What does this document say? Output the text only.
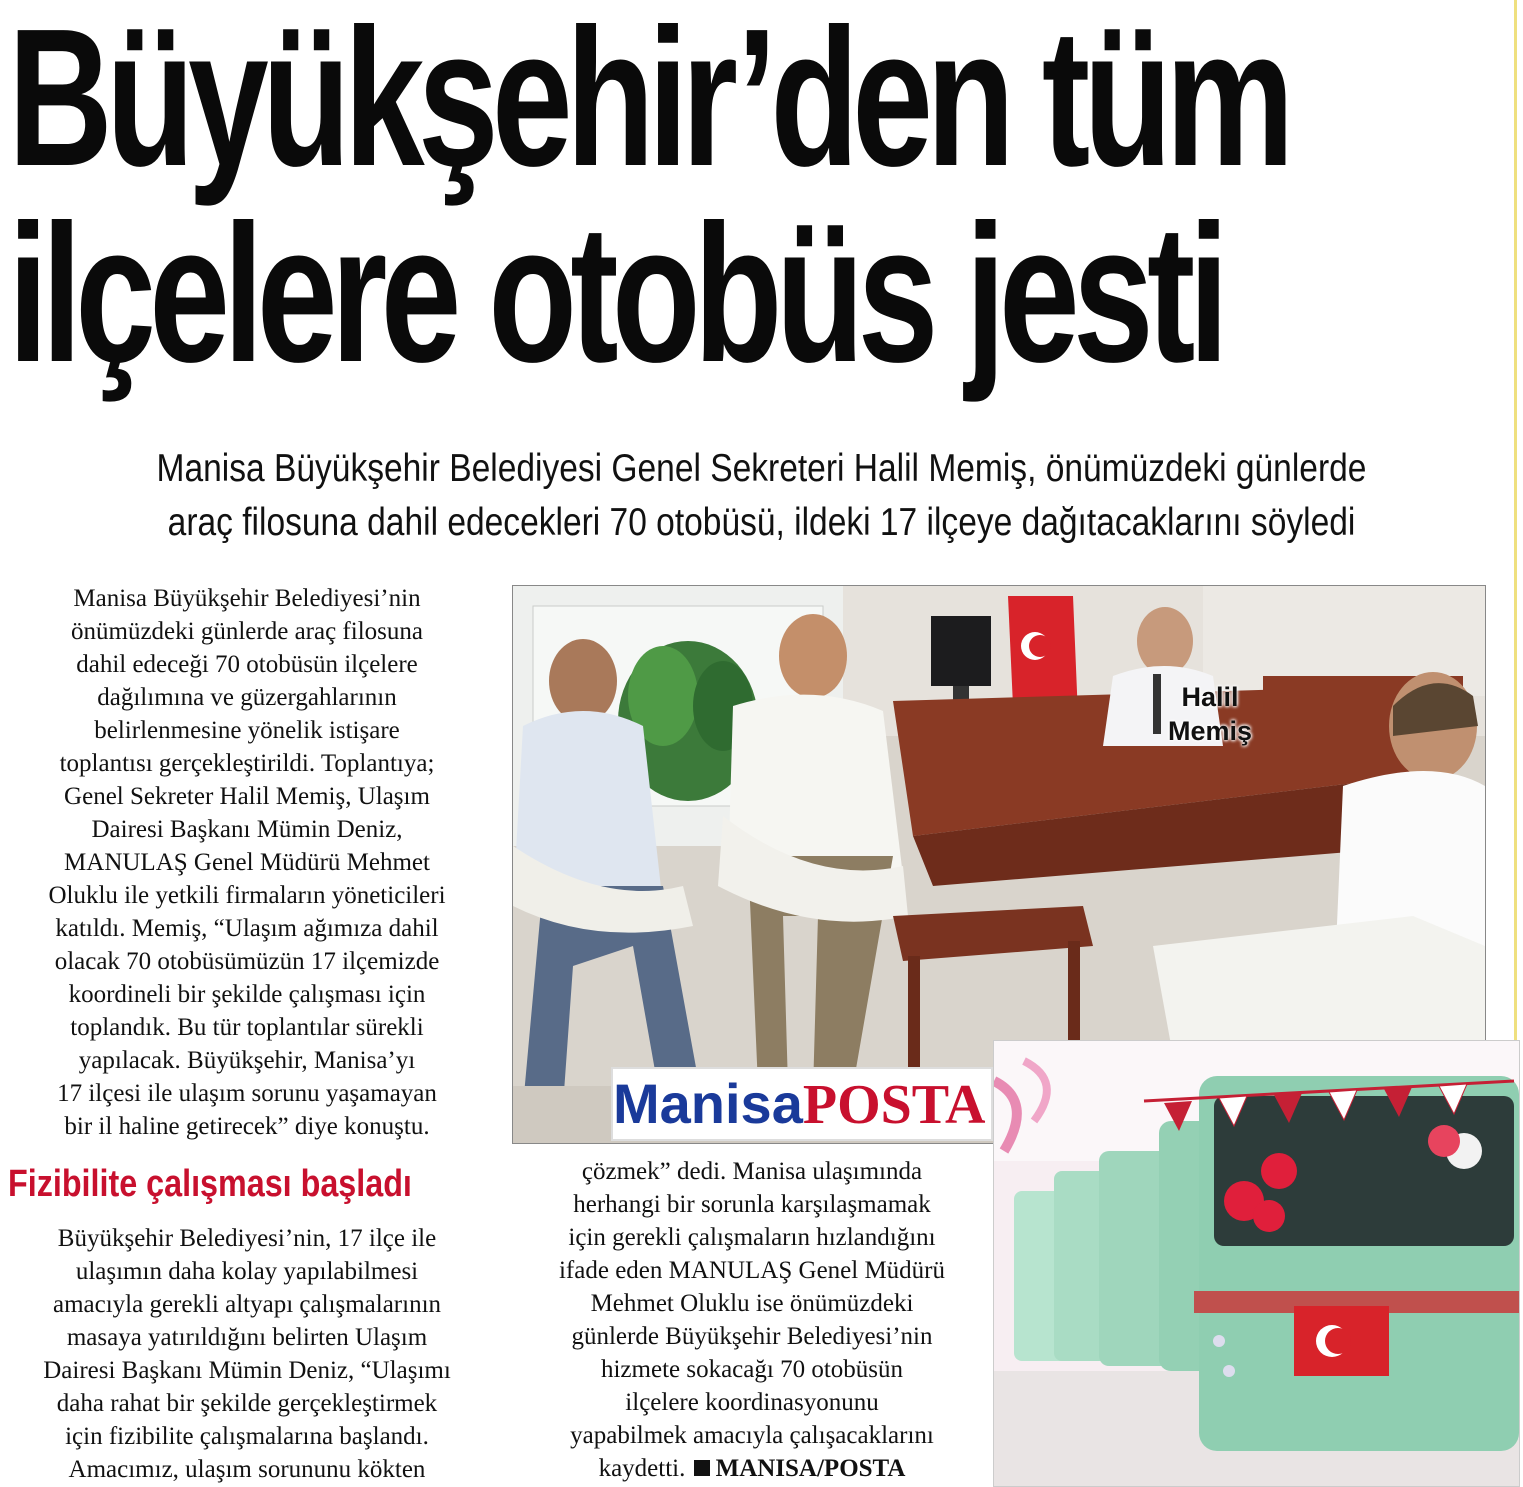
Büyükşehir’den tüm
ilçelere otobüs jesti
Manisa Büyükşehir Belediyesi Genel Sekreteri Halil Memiş, önümüzdeki günlerde
araç filosuna dahil edecekleri 70 otobüsü, ildeki 17 ilçeye dağıtacaklarını söyledi

Manisa Büyükşehir Belediyesi’nin

önümüzdeki günlerde araç filosuna

dahil edeceği 70 otobüsün ilçelere

dağılımına ve güzergahlarının

belirlenmesine yönelik istişare

toplantısı gerçekleştirildi. Toplantıya;

Genel Sekreter Halil Memiş, Ulaşım

Dairesi Başkanı Mümin Deniz,

MANULAŞ Genel Müdürü Mehmet

Oluklu ile yetkili firmaların yöneticileri

katıldı. Memiş, “Ulaşım ağımıza dahil

olacak 70 otobüsümüzün 17 ilçemizde

koordineli bir şekilde çalışması için

toplandık. Bu tür toplantılar sürekli

yapılacak. Büyükşehir, Manisa’yı

17 ilçesi ile ulaşım sorunu yaşamayan

bir il haline getirecek” diye konuştu.

Fizibilite çalışması başladı

Büyükşehir Belediyesi’nin, 17 ilçe ile

ulaşımın daha kolay yapılabilmesi

amacıyla gerekli altyapı çalışmalarının

masaya yatırıldığını belirten Ulaşım

Dairesi Başkanı Mümin Deniz, “Ulaşımı

daha rahat bir şekilde gerçekleştirmek

için fizibilite çalışmalarına başlandı.

Amacımız, ulaşım sorununu kökten

çözmek” dedi. Manisa ulaşımında

herhangi bir sorunla karşılaşmamak

için gerekli çalışmaların hızlandığını

ifade eden MANULAŞ Genel Müdürü

Mehmet Oluklu ise önümüzdeki

günlerde Büyükşehir Belediyesi’nin

hizmete sokacağı 70 otobüsün

ilçelere koordinasyonunu

yapabilmek amacıyla çalışacaklarını

kaydetti. MANISA/POSTA

Halil
Memiş
ManisaPOSTA
